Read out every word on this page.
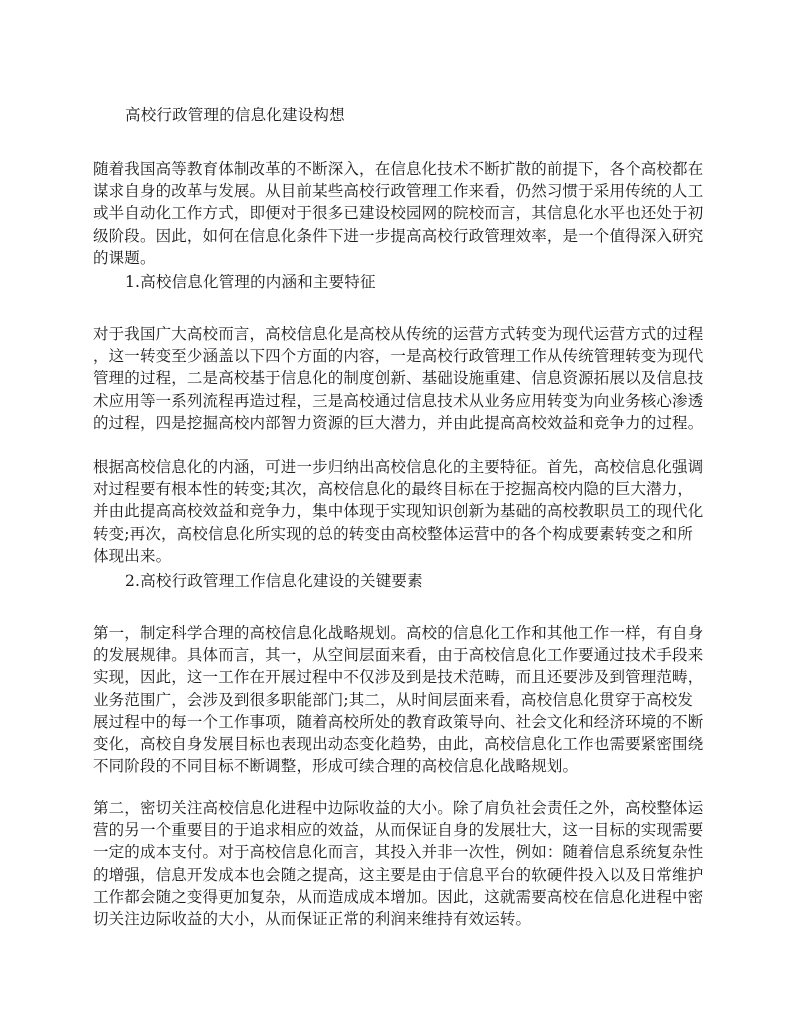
高校行政管理的信息化建设构想
随着我国高等教育体制改革的不断深入，在信息化技术不断扩散的前提下，各个高校都在
谋求自身的改革与发展。从目前某些高校行政管理工作来看，仍然习惯于采用传统的人工
或半自动化工作方式，即便对于很多已建设校园网的院校而言，其信息化水平也还处于初
级阶段。因此，如何在信息化条件下进一步提高高校行政管理效率，是一个值得深入研究
的课题。
1.高校信息化管理的内涵和主要特征
对于我国广大高校而言，高校信息化是高校从传统的运营方式转变为现代运营方式的过程
，这一转变至少涵盖以下四个方面的内容，一是高校行政管理工作从传统管理转变为现代
管理的过程，二是高校基于信息化的制度创新、基础设施重建、信息资源拓展以及信息技
术应用等一系列流程再造过程，三是高校通过信息技术从业务应用转变为向业务核心渗透
的过程，四是挖掘高校内部智力资源的巨大潜力，并由此提高高校效益和竞争力的过程。
根据高校信息化的内涵，可进一步归纳出高校信息化的主要特征。首先，高校信息化强调
对过程要有根本性的转变;其次，高校信息化的最终目标在于挖掘高校内隐的巨大潜力，
并由此提高高校效益和竞争力，集中体现于实现知识创新为基础的高校教职员工的现代化
转变;再次，高校信息化所实现的总的转变由高校整体运营中的各个构成要素转变之和所
体现出来。
2.高校行政管理工作信息化建设的关键要素
第一，制定科学合理的高校信息化战略规划。高校的信息化工作和其他工作一样，有自身
的发展规律。具体而言，其一，从空间层面来看，由于高校信息化工作要通过技术手段来
实现，因此，这一工作在开展过程中不仅涉及到是技术范畴，而且还要涉及到管理范畴，
业务范围广，会涉及到很多职能部门;其二，从时间层面来看，高校信息化贯穿于高校发
展过程中的每一个工作事项，随着高校所处的教育政策导向、社会文化和经济环境的不断
变化，高校自身发展目标也表现出动态变化趋势，由此，高校信息化工作也需要紧密围绕
不同阶段的不同目标不断调整，形成可续合理的高校信息化战略规划。
第二，密切关注高校信息化进程中边际收益的大小。除了肩负社会责任之外，高校整体运
营的另一个重要目的于追求相应的效益，从而保证自身的发展壮大，这一目标的实现需要
一定的成本支付。对于高校信息化而言，其投入并非一次性，例如：随着信息系统复杂性
的增强，信息开发成本也会随之提高，这主要是由于信息平台的软硬件投入以及日常维护
工作都会随之变得更加复杂，从而造成成本增加。因此，这就需要高校在信息化进程中密
切关注边际收益的大小，从而保证正常的利润来维持有效运转。
